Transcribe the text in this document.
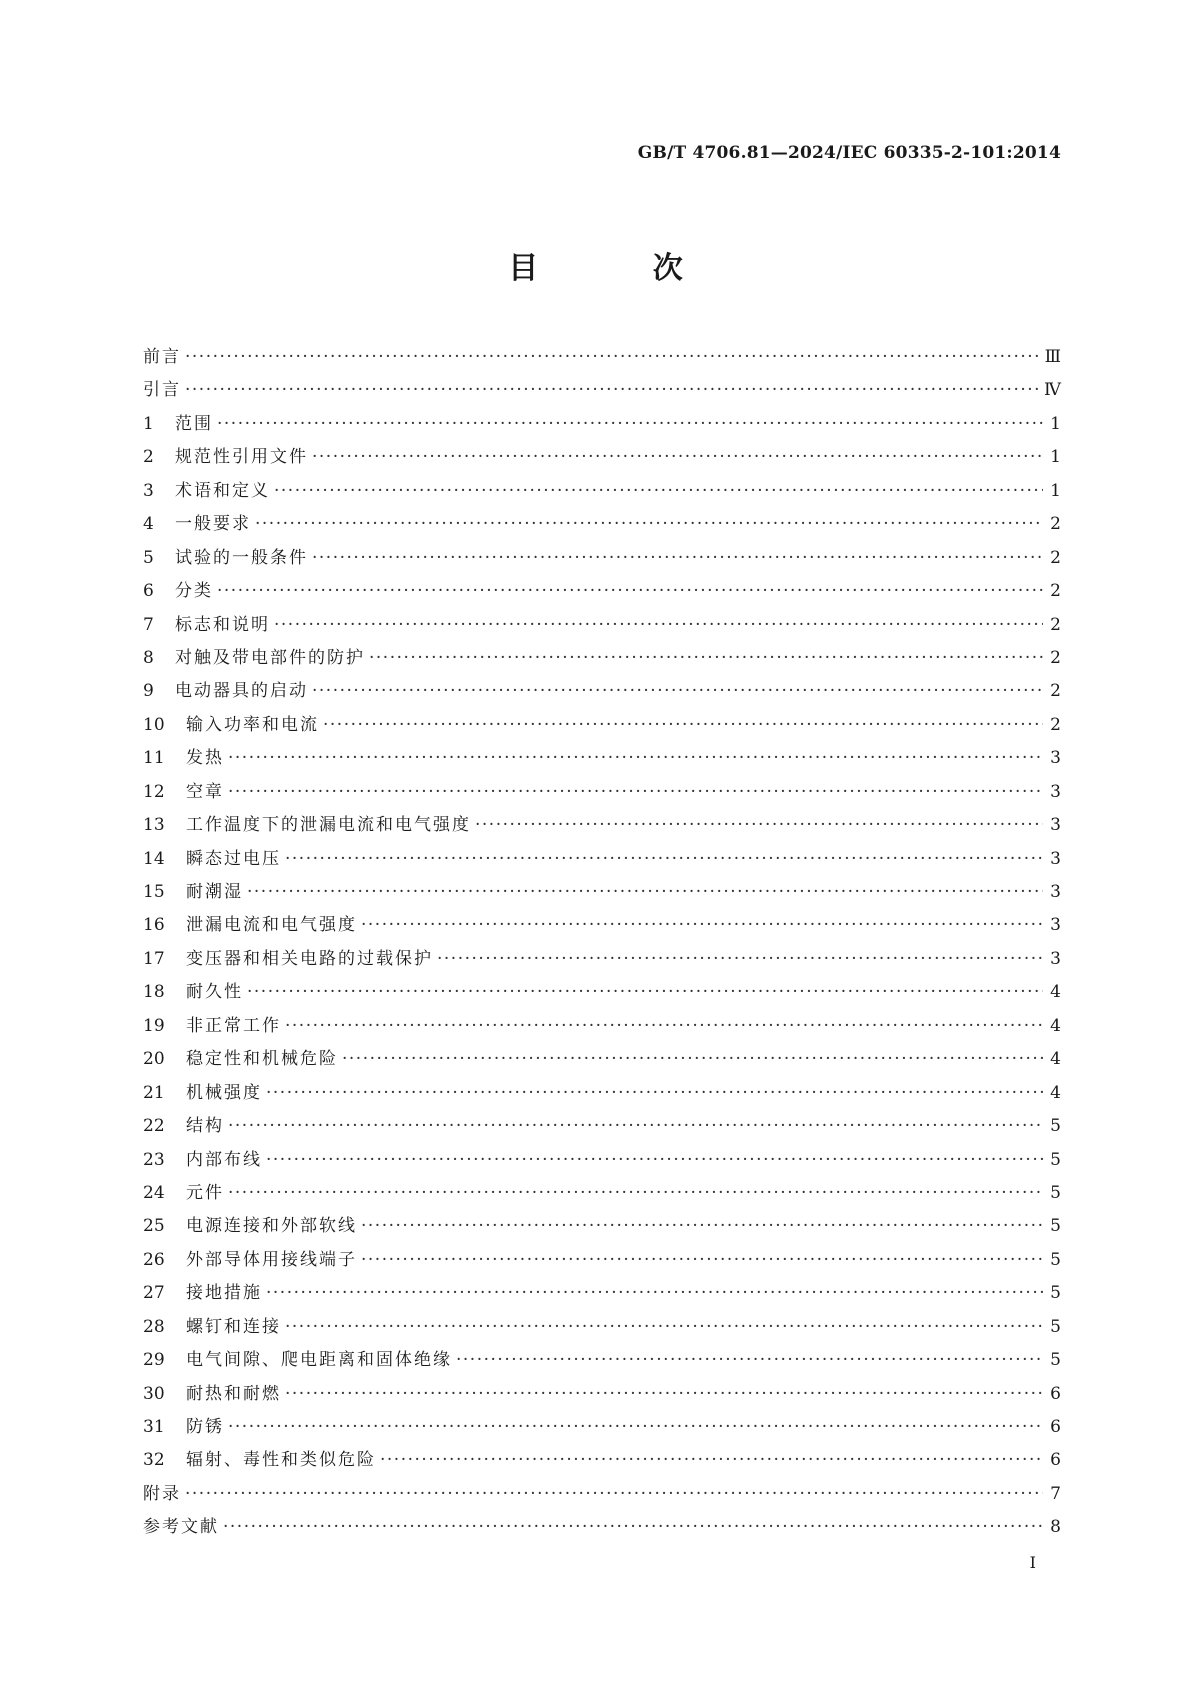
GB/T 4706.81—2024/IEC 60335-2-101:2014
目 次
前言 ·····	Ⅲ
引言 ·····	Ⅳ
1	范围 ·····	1
2	规范性引用文件 ·····	1
3	术语和定义 ·····	1
4	一般要求 ·····	2
5	试验的一般条件 ·····	2
6	分类 ·····	2
7	标志和说明 ·····	2
8	对触及带电部件的防护 ·····	2
9	电动器具的启动 ·····	2
10	输入功率和电流 ·····	2
11	发热 ·····	3
12	空章 ·····	3
13	工作温度下的泄漏电流和电气强度 ·····	3
14	瞬态过电压 ·····	3
15	耐潮湿 ·····	3
16	泄漏电流和电气强度 ·····	3
17	变压器和相关电路的过载保护 ·····	3
18	耐久性 ·····	4
19	非正常工作 ·····	4
20	稳定性和机械危险 ·····	4
21	机械强度 ·····	4
22	结构 ·····	5
23	内部布线 ·····	5
24	元件 ·····	5
25	电源连接和外部软线 ·····	5
26	外部导体用接线端子 ·····	5
27	接地措施 ·····	5
28	螺钉和连接 ·····	5
29	电气间隙、爬电距离和固体绝缘 ·····	5
30	耐热和耐燃 ·····	6
31	防锈 ·····	6
32	辐射、毒性和类似危险 ·····	6
附录 ·····	7
参考文献 ·····	8
I
